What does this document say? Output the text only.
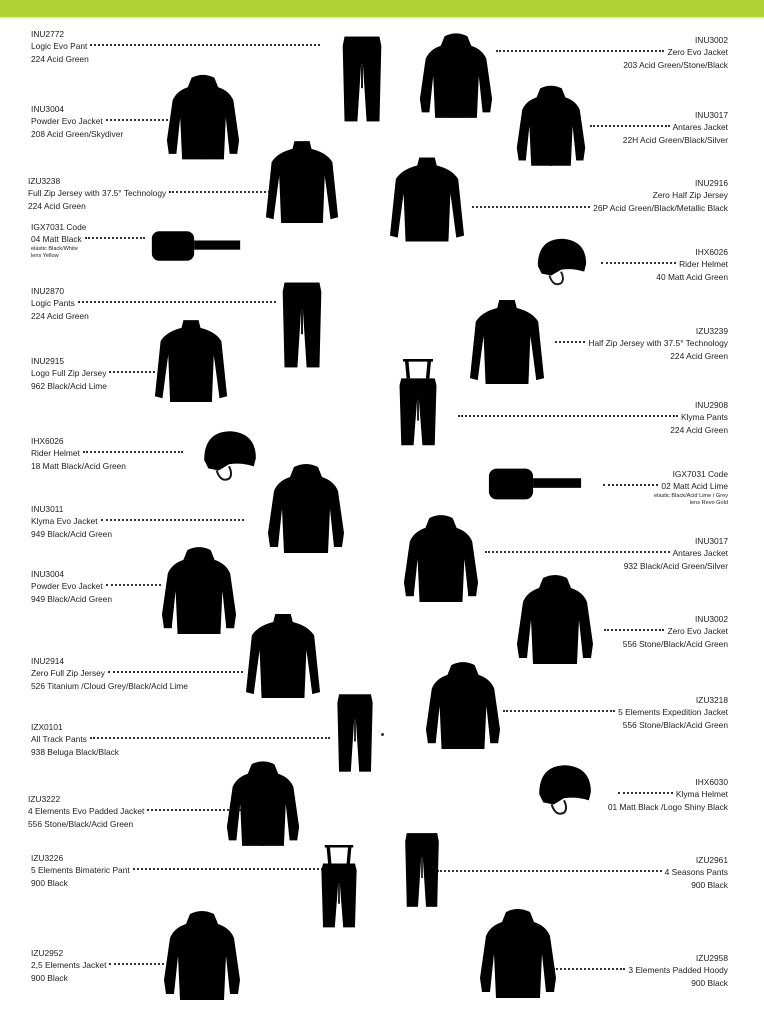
INU2772
Logic Evo Pant
224 Acid Green
INU3004
Powder Evo Jacket
208 Acid Green/Skydiver
IZU3238
Full Zip Jersey with 37.5° Technology
224 Acid Green
IGX7031 Code
04 Matt Black
elastic Black/White
lens Yellow
INU2870
Logic Pants
224 Acid Green
INU2915
Logo Full Zip Jersey
962 Black/Acid Lime
IHX6026
Rider Helmet
18 Matt Black/Acid Green
INU3011
Klyma Evo Jacket
949 Black/Acid Green
INU3004
Powder Evo Jacket
949 Black/Acid Green
INU2914
Zero Full Zip Jersey
526 Titanium /Cloud Grey/Black/Acid Lime
IZX0101
All Track Pants
938 Beluga Black/Black
IZU3222
4 Elements Evo Padded Jacket
556 Stone/Black/Acid Green
IZU3226
5 Elements Bimateric Pant
900 Black
IZU2952
2,5 Elements Jacket
900 Black
INU3002
Zero Evo Jacket
203 Acid Green/Stone/Black
INU3017
Antares Jacket
22H Acid Green/Black/Silver
INU2916
Zero Half Zip Jersey
26P Acid Green/Black/Metallic Black
IHX6026
Rider Helmet
40 Matt Acid Green
IZU3239
Half Zip Jersey with 37.5° Technology
224 Acid Green
INU2908
Klyma Pants
224 Acid Green
IGX7031 Code
02 Matt Acid Lime
elastic Black/Acid Lime / Grey
lens Revo Gold
INU3017
Antares Jacket
932 Black/Acid Green/Silver
INU3002
Zero Evo Jacket
556 Stone/Black/Acid Green
IZU3218
5 Elements Expedition Jacket
556 Stone/Black/Acid Green
IHX6030
Klyma Helmet
01 Matt Black /Logo Shiny Black
IZU2961
4 Seasons Pants
900 Black
IZU2958
3 Elements Padded Hoody
900 Black
